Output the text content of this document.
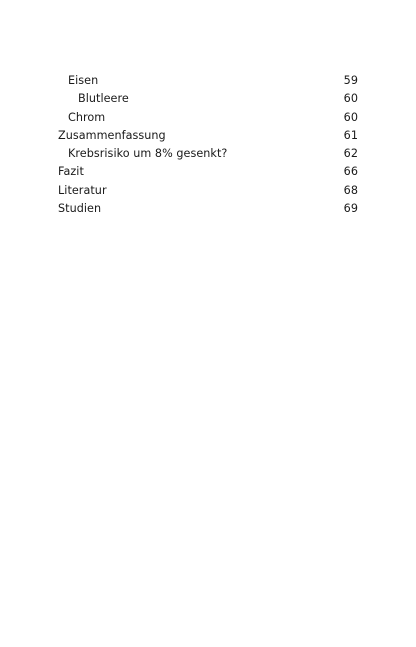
Eisen	59
Blutleere	60
Chrom	60
Zusammenfassung	61
Krebsrisiko um 8% gesenkt?	62
Fazit	66
Literatur	68
Studien	69
